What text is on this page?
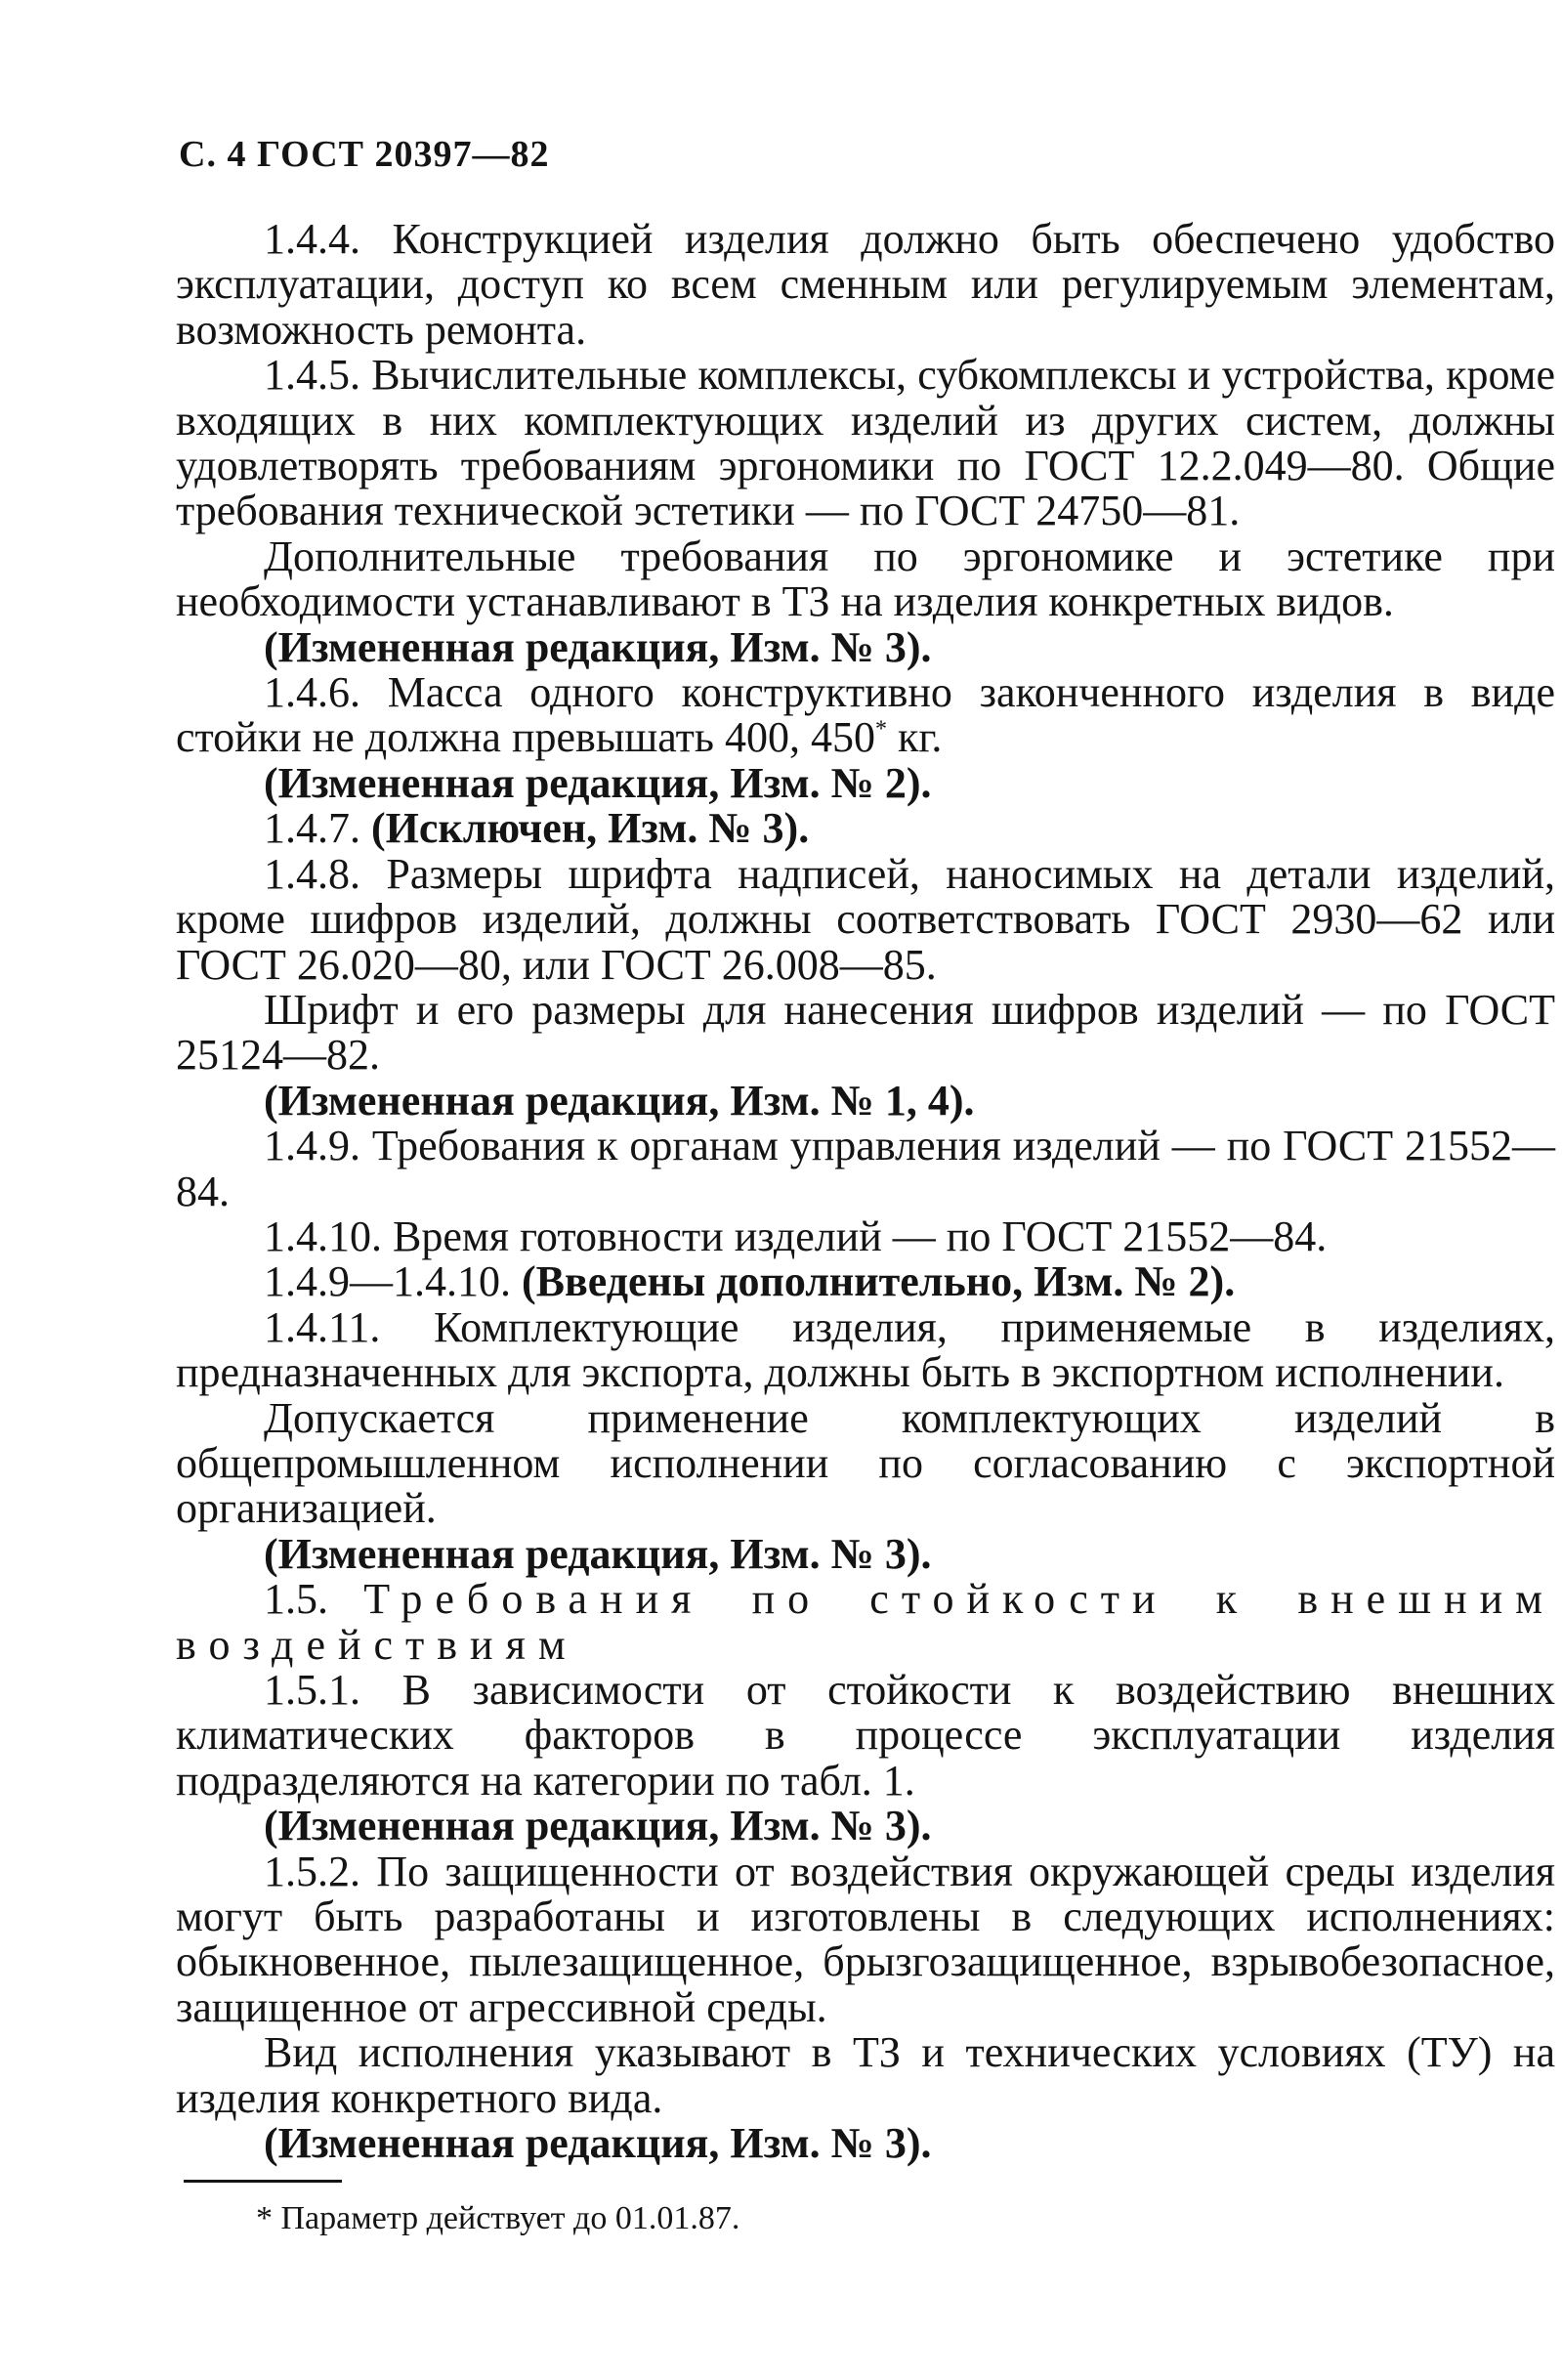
С. 4 ГОСТ 20397—82

1.4.4. Конструкцией изделия должно быть обеспечено удобство эксплуатации, доступ ко всем сменным или регулируемым элементам, возможность ремонта.

1.4.5. Вычислительные комплексы, субкомплексы и устройства, кроме входящих в них комплектующих изделий из других систем, должны удовлетворять требованиям эргономики по ГОСТ 12.2.049—80. Общие требования технической эстетики — по ГОСТ 24750—81.

Дополнительные требования по эргономике и эстетике при необходимости устанавливают в ТЗ на изделия конкретных видов.

(Измененная редакция, Изм. № 3).

1.4.6. Масса одного конструктивно законченного изделия в виде стойки не должна превышать 400, 450* кг.

(Измененная редакция, Изм. № 2).

1.4.7. (Исключен, Изм. № 3).

1.4.8. Размеры шрифта надписей, наносимых на детали изделий, кроме шифров изделий, должны соответствовать ГОСТ 2930—62 или ГОСТ 26.020—80, или ГОСТ 26.008—85.

Шрифт и его размеры для нанесения шифров изделий — по ГОСТ 25124—82.

(Измененная редакция, Изм. № 1, 4).

1.4.9. Требования к органам управления изделий — по ГОСТ 21552—84.

1.4.10. Время готовности изделий — по ГОСТ 21552—84.

1.4.9—1.4.10. (Введены дополнительно, Изм. № 2).

1.4.11. Комплектующие изделия, применяемые в изделиях, предназначенных для экспорта, должны быть в экспортном исполнении.

Допускается применение комплектующих изделий в общепромышленном исполнении по согласованию с экспортной организацией.

(Измененная редакция, Изм. № 3).

1.5. Требования по стойкости к внешним воздействиям

1.5.1. В зависимости от стойкости к воздействию внешних климатических факторов в процессе эксплуатации изделия подразделяются на категории по табл. 1.

(Измененная редакция, Изм. № 3).

1.5.2. По защищенности от воздействия окружающей среды изделия могут быть разработаны и изготовлены в следующих исполнениях: обыкновенное, пылезащищенное, брызгозащищенное, взрывобезопасное, защищенное от агрессивной среды.

Вид исполнения указывают в ТЗ и технических условиях (ТУ) на изделия конкретного вида.

(Измененная редакция, Изм. № 3).

* Параметр действует до 01.01.87.
